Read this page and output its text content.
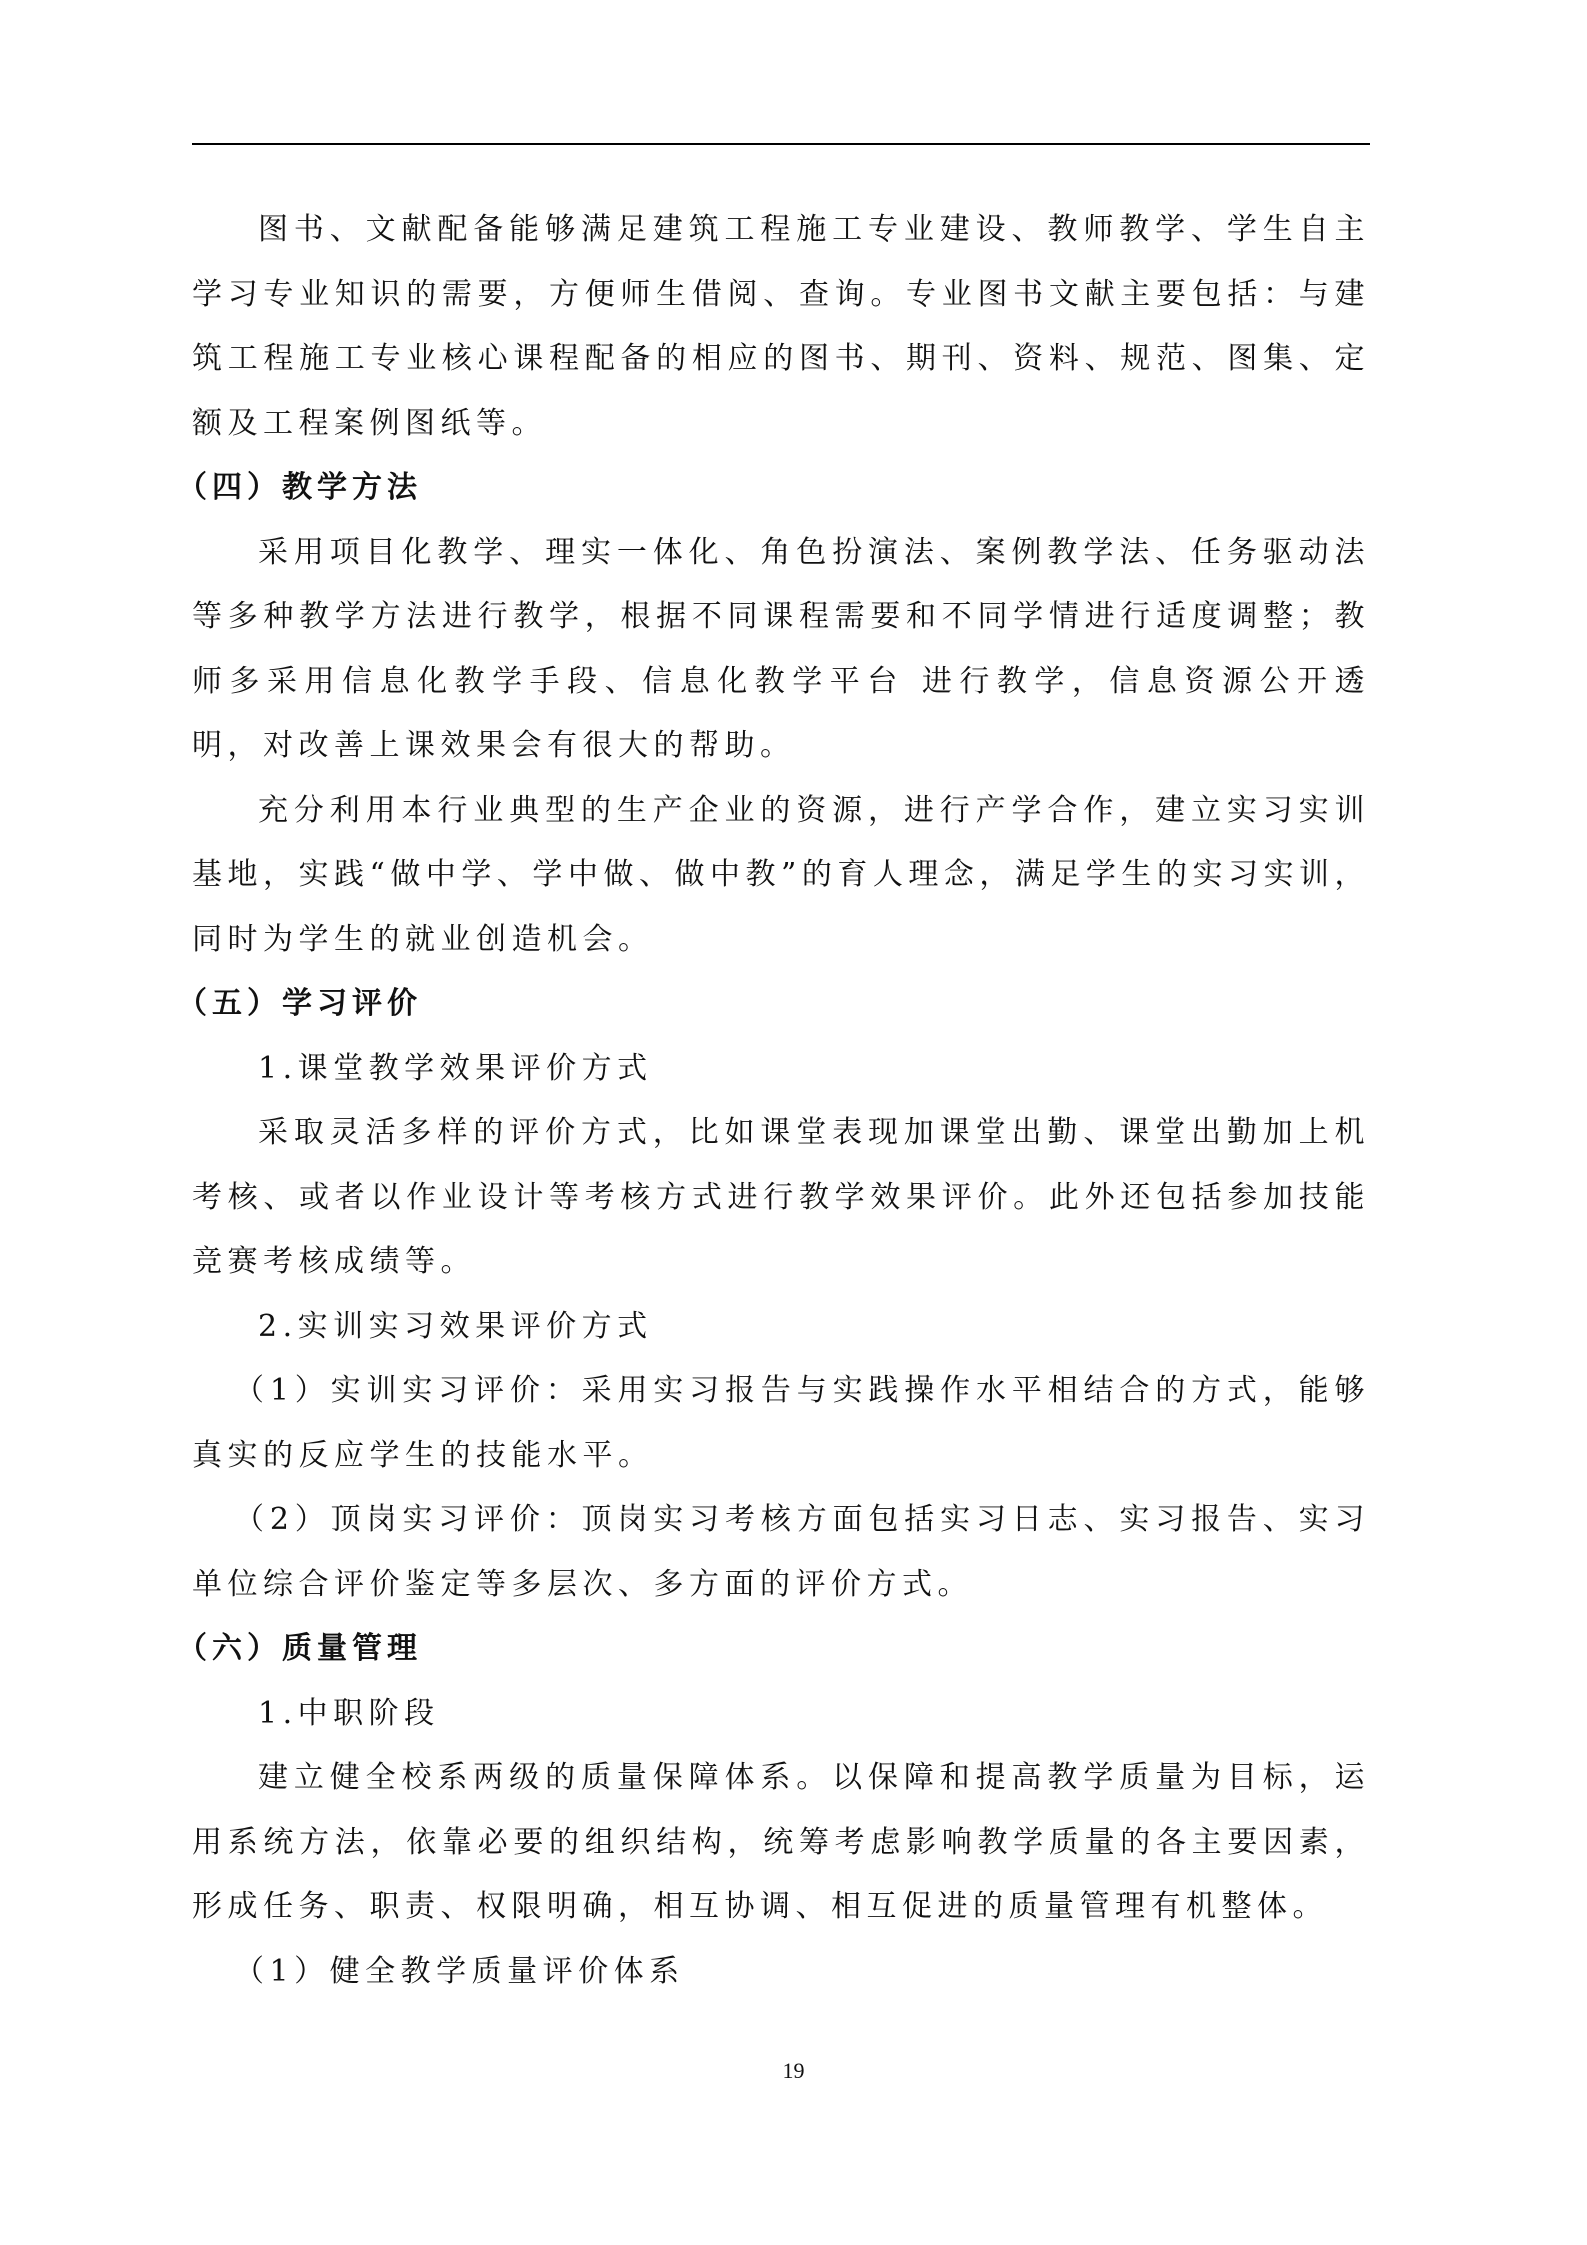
图书、文献配备能够满足建筑工程施工专业建设、教师教学、学生自主学习专业知识的需要，方便师生借阅、查询。专业图书文献主要包括：与建筑工程施工专业核心课程配备的相应的图书、期刊、资料、规范、图集、定额及工程案例图纸等。

（四）教学方法

采用项目化教学、理实一体化、角色扮演法、案例教学法、任务驱动法等多种教学方法进行教学，根据不同课程需要和不同学情进行适度调整；教师多采用信息化教学手段、信息化教学平台 进行教学，信息资源公开透明，对改善上课效果会有很大的帮助。

充分利用本行业典型的生产企业的资源，进行产学合作，建立实习实训基地，实践“做中学、学中做、做中教”的育人理念，满足学生的实习实训，同时为学生的就业创造机会。

（五）学习评价

1.课堂教学效果评价方式

采取灵活多样的评价方式，比如课堂表现加课堂出勤、课堂出勤加上机考核、或者以作业设计等考核方式进行教学效果评价。此外还包括参加技能竞赛考核成绩等。

2.实训实习效果评价方式

（1）实训实习评价：采用实习报告与实践操作水平相结合的方式，能够真实的反应学生的技能水平。

（2）顶岗实习评价：顶岗实习考核方面包括实习日志、实习报告、实习单位综合评价鉴定等多层次、多方面的评价方式。

（六）质量管理

1.中职阶段

建立健全校系两级的质量保障体系。以保障和提高教学质量为目标，运用系统方法，依靠必要的组织结构，统筹考虑影响教学质量的各主要因素，形成任务、职责、权限明确，相互协调、相互促进的质量管理有机整体。

（1）健全教学质量评价体系

19
